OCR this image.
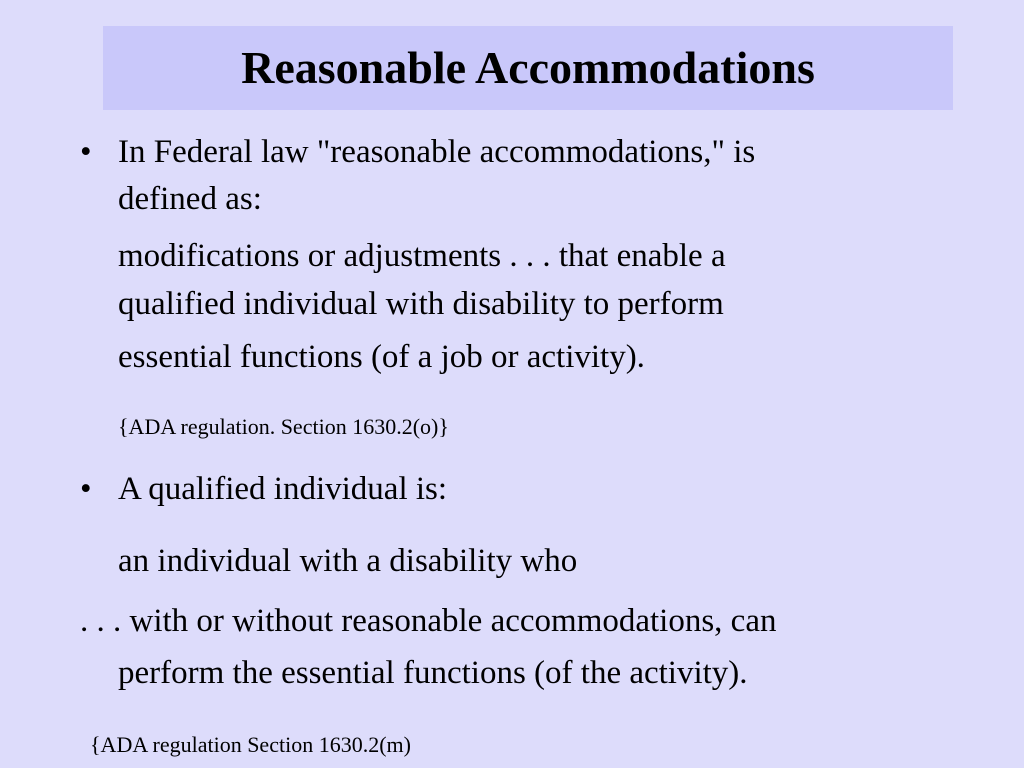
Reasonable Accommodations
• In Federal law "reasonable accommodations," is
defined as:
modifications or adjustments . . . that enable a
qualified individual with disability to perform
essential functions (of a job or activity).
{ADA regulation. Section 1630.2(o)}
• A qualified individual is:
an individual with a disability who
. . . with or without reasonable accommodations, can
perform the essential functions (of the activity).
{ADA regulation Section 1630.2(m)
